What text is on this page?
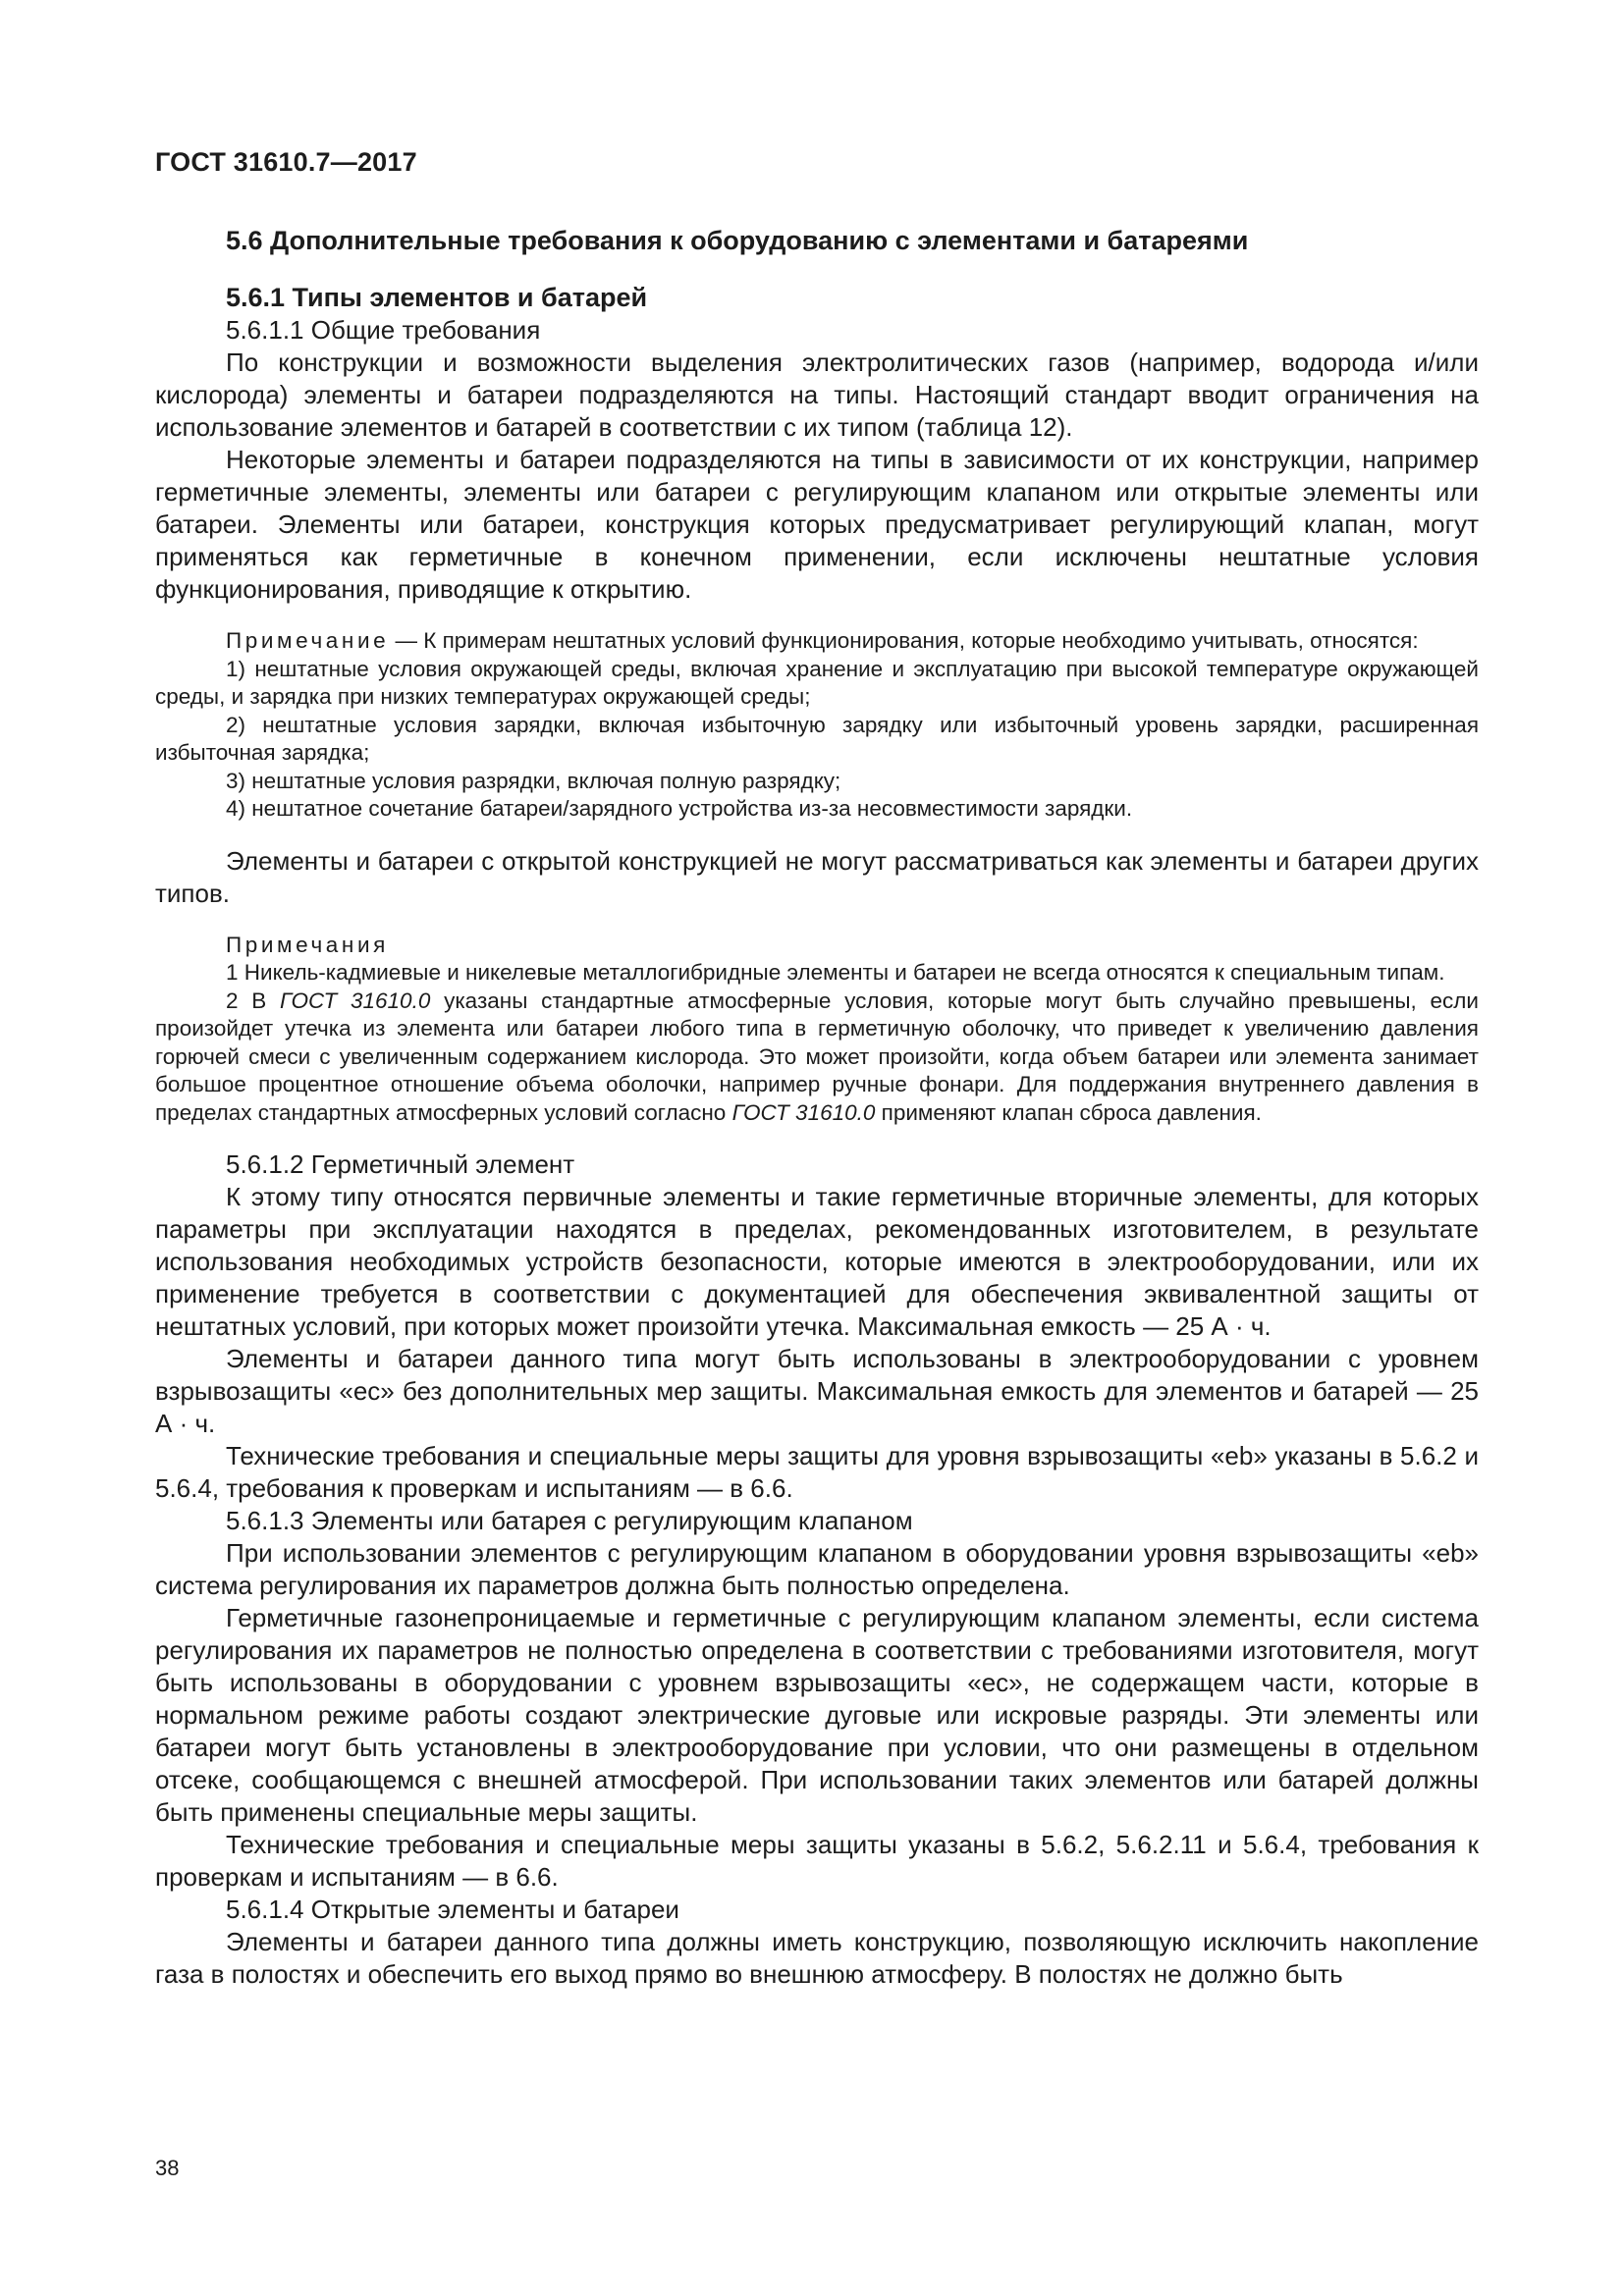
ГОСТ 31610.7—2017
5.6 Дополнительные требования к оборудованию с элементами и батареями
5.6.1 Типы элементов и батарей
5.6.1.1 Общие требования
По конструкции и возможности выделения электролитических газов (например, водорода и/или кислорода) элементы и батареи подразделяются на типы. Настоящий стандарт вводит ограничения на использование элементов и батарей в соответствии с их типом (таблица 12).
Некоторые элементы и батареи подразделяются на типы в зависимости от их конструкции, например герметичные элементы, элементы или батареи с регулирующим клапаном или открытые элементы или батареи. Элементы или батареи, конструкция которых предусматривает регулирующий клапан, могут применяться как герметичные в конечном применении, если исключены нештатные условия функционирования, приводящие к открытию.
Примечание — К примерам нештатных условий функционирования, которые необходимо учитывать, относятся:
1) нештатные условия окружающей среды, включая хранение и эксплуатацию при высокой температуре окружающей среды, и зарядка при низких температурах окружающей среды;
2) нештатные условия зарядки, включая избыточную зарядку или избыточный уровень зарядки, расширенная избыточная зарядка;
3) нештатные условия разрядки, включая полную разрядку;
4) нештатное сочетание батареи/зарядного устройства из-за несовместимости зарядки.
Элементы и батареи с открытой конструкцией не могут рассматриваться как элементы и батареи других типов.
Примечания
1 Никель-кадмиевые и никелевые металлогибридные элементы и батареи не всегда относятся к специальным типам.
2 В ГОСТ 31610.0 указаны стандартные атмосферные условия, которые могут быть случайно превышены, если произойдет утечка из элемента или батареи любого типа в герметичную оболочку, что приведет к увеличению давления горючей смеси с увеличенным содержанием кислорода. Это может произойти, когда объем батареи или элемента занимает большое процентное отношение объема оболочки, например ручные фонари. Для поддержания внутреннего давления в пределах стандартных атмосферных условий согласно ГОСТ 31610.0 применяют клапан сброса давления.
5.6.1.2 Герметичный элемент
К этому типу относятся первичные элементы и такие герметичные вторичные элементы, для которых параметры при эксплуатации находятся в пределах, рекомендованных изготовителем, в результате использования необходимых устройств безопасности, которые имеются в электрооборудовании, или их применение требуется в соответствии с документацией для обеспечения эквивалентной защиты от нештатных условий, при которых может произойти утечка. Максимальная емкость — 25 А · ч.
Элементы и батареи данного типа могут быть использованы в электрооборудовании с уровнем взрывозащиты «ec» без дополнительных мер защиты. Максимальная емкость для элементов и батарей — 25 А · ч.
Технические требования и специальные меры защиты для уровня взрывозащиты «eb» указаны в 5.6.2 и 5.6.4, требования к проверкам и испытаниям — в 6.6.
5.6.1.3 Элементы или батарея с регулирующим клапаном
При использовании элементов с регулирующим клапаном в оборудовании уровня взрывозащиты «eb» система регулирования их параметров должна быть полностью определена.
Герметичные газонепроницаемые и герметичные с регулирующим клапаном элементы, если система регулирования их параметров не полностью определена в соответствии с требованиями изготовителя, могут быть использованы в оборудовании с уровнем взрывозащиты «ec», не содержащем части, которые в нормальном режиме работы создают электрические дуговые или искровые разряды. Эти элементы или батареи могут быть установлены в электрооборудование при условии, что они размещены в отдельном отсеке, сообщающемся с внешней атмосферой. При использовании таких элементов или батарей должны быть применены специальные меры защиты.
Технические требования и специальные меры защиты указаны в 5.6.2, 5.6.2.11 и 5.6.4, требования к проверкам и испытаниям — в 6.6.
5.6.1.4 Открытые элементы и батареи
Элементы и батареи данного типа должны иметь конструкцию, позволяющую исключить накопление газа в полостях и обеспечить его выход прямо во внешнюю атмосферу. В полостях не должно быть
38
